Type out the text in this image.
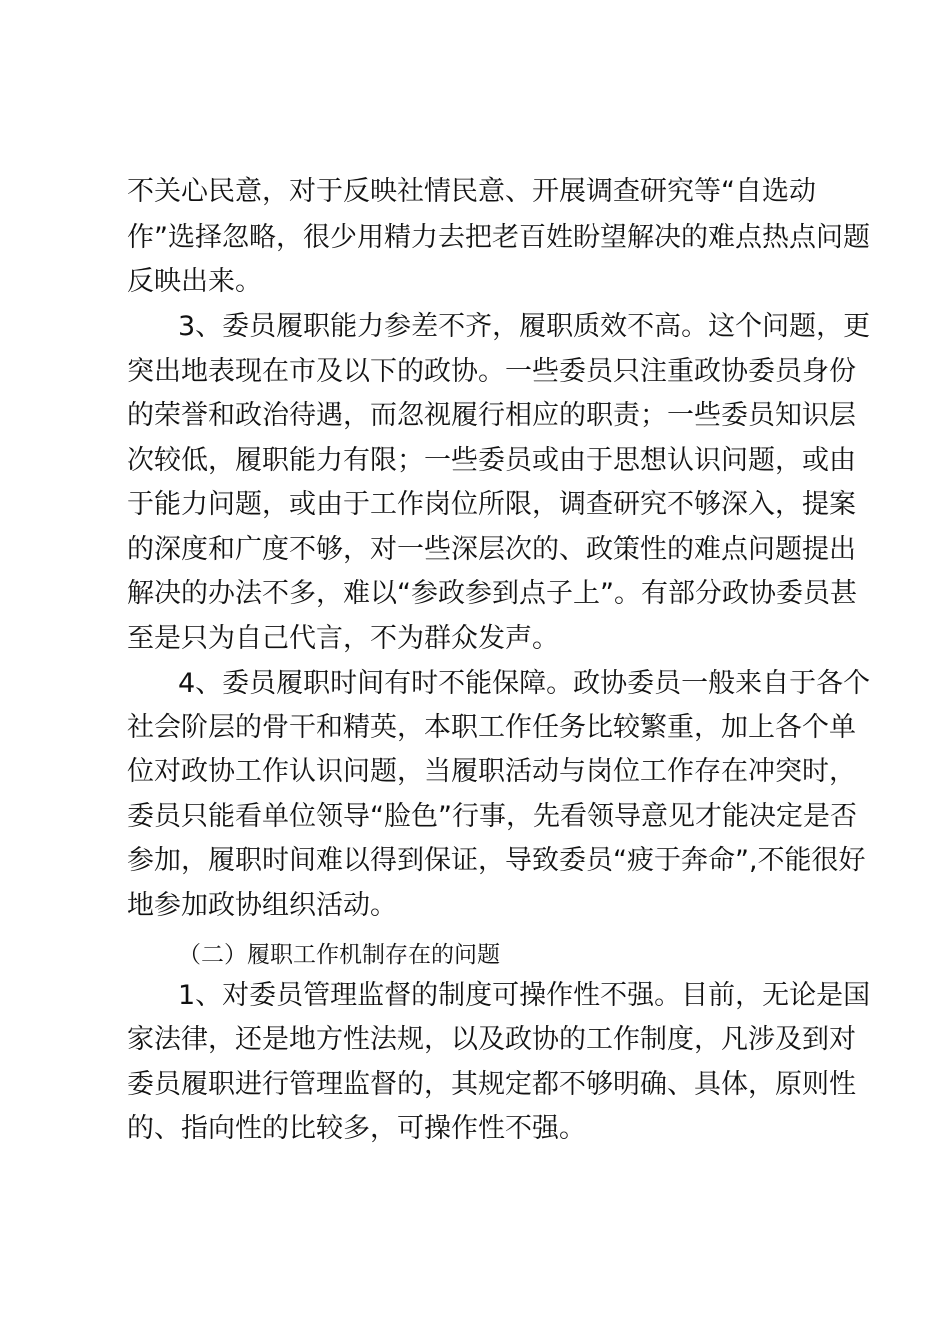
不关心民意，对于反映社情民意、开展调查研究等“自选动
作”选择忽略，很少用精力去把老百姓盼望解决的难点热点问题
反映出来。
3、委员履职能力参差不齐，履职质效不高。这个问题，更
突出地表现在市及以下的政协。一些委员只注重政协委员身份
的荣誉和政治待遇，而忽视履行相应的职责；一些委员知识层
次较低，履职能力有限；一些委员或由于思想认识问题，或由
于能力问题，或由于工作岗位所限，调查研究不够深入，提案
的深度和广度不够，对一些深层次的、政策性的难点问题提出
解决的办法不多，难以“参政参到点子上”。有部分政协委员甚
至是只为自己代言，不为群众发声。
4、委员履职时间有时不能保障。政协委员一般来自于各个
社会阶层的骨干和精英，本职工作任务比较繁重，加上各个单
位对政协工作认识问题，当履职活动与岗位工作存在冲突时，
委员只能看单位领导“脸色”行事，先看领导意见才能决定是否
参加，履职时间难以得到保证，导致委员“疲于奔命”,不能很好
地参加政协组织活动。
（二）履职工作机制存在的问题
1、对委员管理监督的制度可操作性不强。目前，无论是国
家法律，还是地方性法规，以及政协的工作制度，凡涉及到对
委员履职进行管理监督的，其规定都不够明确、具体，原则性
的、指向性的比较多，可操作性不强。
